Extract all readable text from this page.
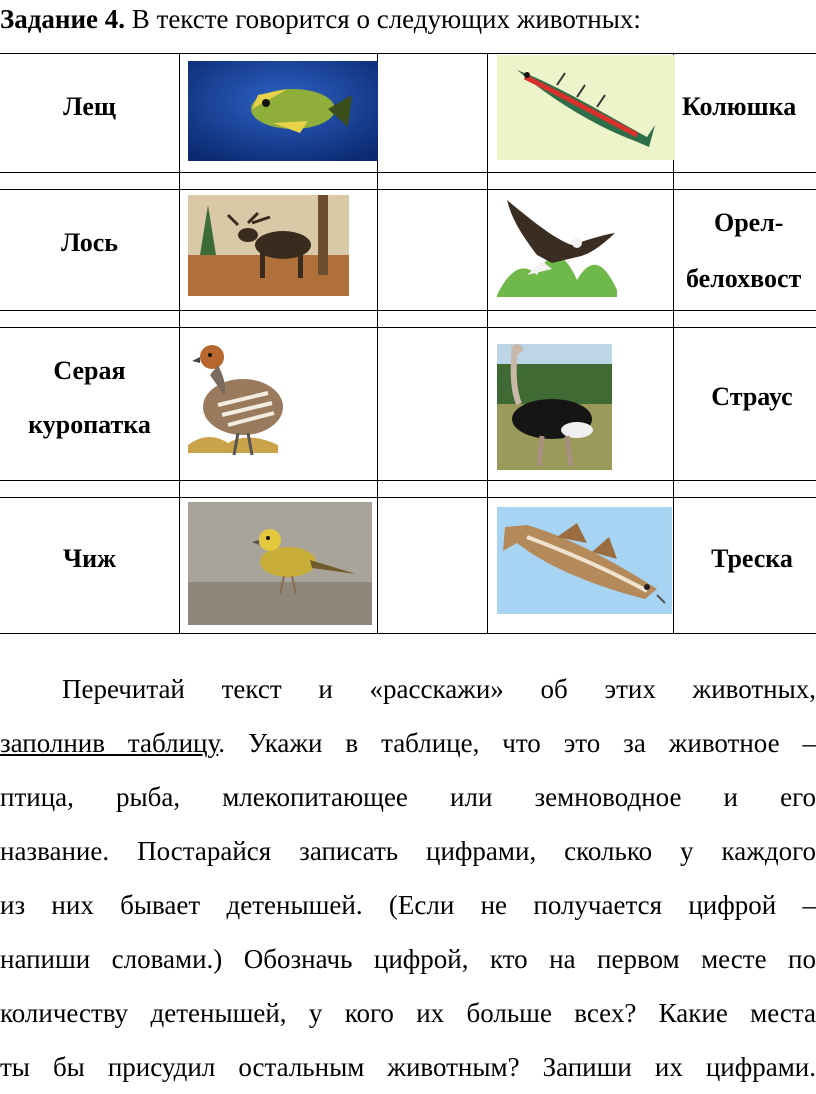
Задание 4. В тексте говорится о следующих животных:
Лещ	Колюшка
Лось
Орел-
белохвост
Серая
куропатка
Страус
Чиж	Треска
Перечитай текст и «расскажи» об этих животных,
заполнив таблицу. Укажи в таблице, что это за животное –
птица, рыба, млекопитающее или земноводное и его
название. Постарайся записать цифрами, сколько у каждого
из них бывает детенышей. (Если не получается цифрой –
напиши словами.) Обозначь цифрой, кто на первом месте по
количеству детенышей, у кого их больше всех? Какие места
ты бы присудил остальным животным? Запиши их цифрами.
